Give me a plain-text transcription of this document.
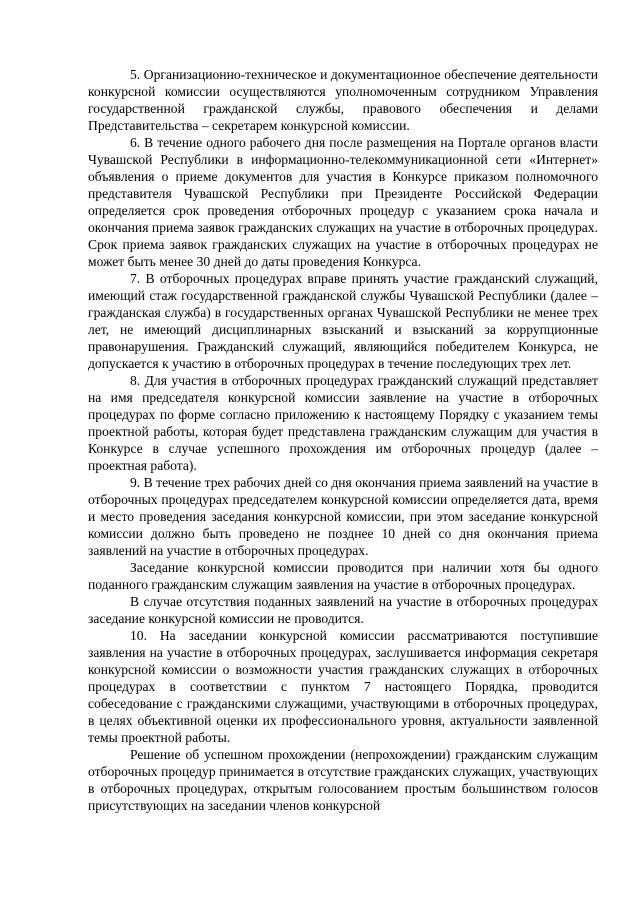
5. Организационно-техническое и документационное обеспечение деятельности конкурсной комиссии осуществляются уполномоченным сотрудником Управления государственной гражданской службы, правового обеспечения и делами Представительства – секретарем конкурсной комиссии.

6. В течение одного рабочего дня после размещения на Портале органов власти Чувашской Республики в информационно-телекоммуникационной сети «Интернет» объявления о приеме документов для участия в Конкурсе приказом полномочного представителя Чувашской Республики при Президенте Российской Федерации определяется срок проведения отборочных процедур с указанием срока начала и окончания приема заявок гражданских служащих на участие в отборочных процедурах. Срок приема заявок гражданских служащих на участие в отборочных процедурах не может быть менее 30 дней до даты проведения Конкурса.

7. В отборочных процедурах вправе принять участие гражданский служащий, имеющий стаж государственной гражданской службы Чувашской Республики (далее – гражданская служба) в государственных органах Чувашской Республики не менее трех лет, не имеющий дисциплинарных взысканий и взысканий за коррупционные правонарушения. Гражданский служащий, являющийся победителем Конкурса, не допускается к участию в отборочных процедурах в течение последующих трех лет.

8. Для участия в отборочных процедурах гражданский служащий представляет на имя председателя конкурсной комиссии заявление на участие в отборочных процедурах по форме согласно приложению к настоящему Порядку с указанием темы проектной работы, которая будет представлена гражданским служащим для участия в Конкурсе в случае успешного прохождения им отборочных процедур (далее – проектная работа).

9. В течение трех рабочих дней со дня окончания приема заявлений на участие в отборочных процедурах председателем конкурсной комиссии определяется дата, время и место проведения заседания конкурсной комиссии, при этом заседание конкурсной комиссии должно быть проведено не позднее 10 дней со дня окончания приема заявлений на участие в отборочных процедурах.

Заседание конкурсной комиссии проводится при наличии хотя бы одного поданного гражданским служащим заявления на участие в отборочных процедурах.

В случае отсутствия поданных заявлений на участие в отборочных процедурах заседание конкурсной комиссии не проводится.

10. На заседании конкурсной комиссии рассматриваются поступившие заявления на участие в отборочных процедурах, заслушивается информация секретаря конкурсной комиссии о возможности участия гражданских служащих в отборочных процедурах в соответствии с пунктом 7 настоящего Порядка, проводится собеседование с гражданскими служащими, участвующими в отборочных процедурах, в целях объективной оценки их профессионального уровня, актуальности заявленной темы проектной работы.

Решение об успешном прохождении (непрохождении) гражданским служащим отборочных процедур принимается в отсутствие гражданских служащих, участвующих в отборочных процедурах, открытым голосованием простым большинством голосов присутствующих на заседании членов конкурсной
